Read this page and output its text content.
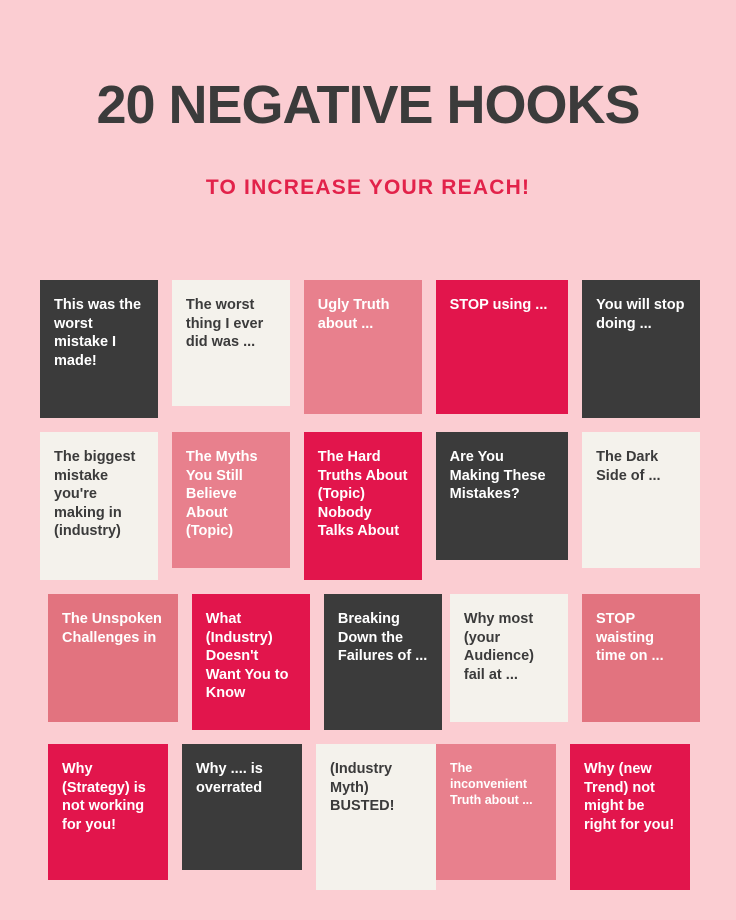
20 NEGATIVE HOOKS
TO INCREASE YOUR REACH!
This was the worst mistake I made!
The worst thing I ever did was ...
Ugly Truth about ...
STOP using ...	You will stop doing ...
The biggest mistake you're making in (industry)
The Myths You Still Believe About (Topic)
The Hard Truths About (Topic) Nobody Talks About
Are You Making These Mistakes?
The Dark Side of ...
The Unspoken Challenges in
What (Industry) Doesn't Want You to Know
Breaking Down the Failures of ...
Why most (your Audience) fail at ...
STOP waisting time on ...
Why (Strategy) is not working for you!
Why .... is overrated
(Industry Myth) BUSTED!
The inconvenient Truth about ...
Why (new Trend) not might be right for you!
